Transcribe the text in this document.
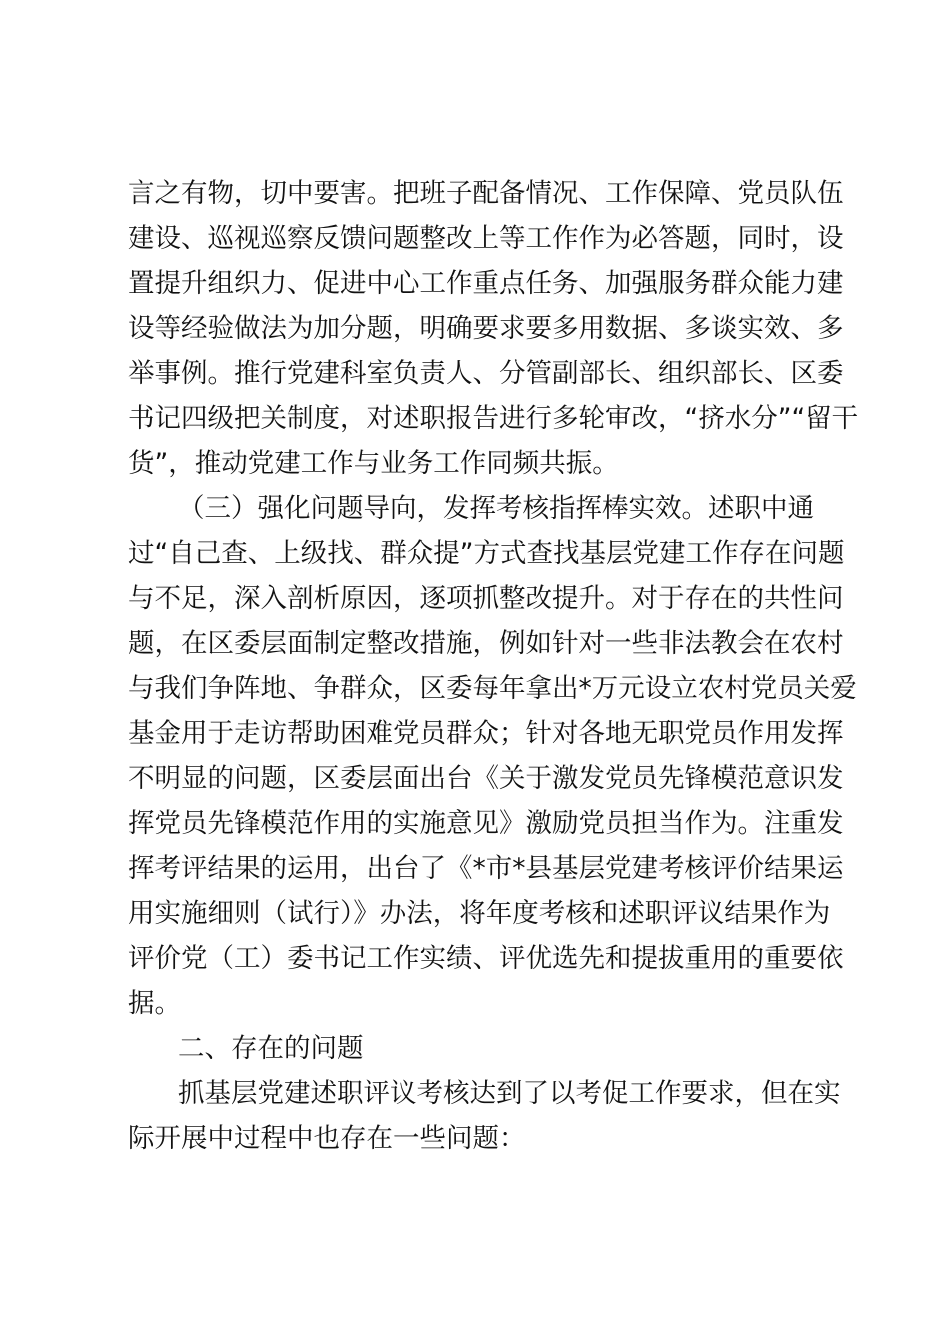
言之有物，切中要害。把班子配备情况、工作保障、党员队伍
建设、巡视巡察反馈问题整改上等工作作为必答题，同时，设
置提升组织力、促进中心工作重点任务、加强服务群众能力建
设等经验做法为加分题，明确要求要多用数据、多谈实效、多
举事例。推行党建科室负责人、分管副部长、组织部长、区委
书记四级把关制度，对述职报告进行多轮审改，“挤水分”“留干
货”，推动党建工作与业务工作同频共振。
（三）强化问题导向，发挥考核指挥棒实效。述职中通
过“自己查、上级找、群众提”方式查找基层党建工作存在问题
与不足，深入剖析原因，逐项抓整改提升。对于存在的共性问
题，在区委层面制定整改措施，例如针对一些非法教会在农村
与我们争阵地、争群众，区委每年拿出*万元设立农村党员关爱
基金用于走访帮助困难党员群众；针对各地无职党员作用发挥
不明显的问题，区委层面出台《关于激发党员先锋模范意识发
挥党员先锋模范作用的实施意见》激励党员担当作为。注重发
挥考评结果的运用，出台了《*市*县基层党建考核评价结果运
用实施细则（试行）》办法，将年度考核和述职评议结果作为
评价党（工）委书记工作实绩、评优选先和提拔重用的重要依
据。
二、存在的问题
抓基层党建述职评议考核达到了以考促工作要求，但在实
际开展中过程中也存在一些问题：
